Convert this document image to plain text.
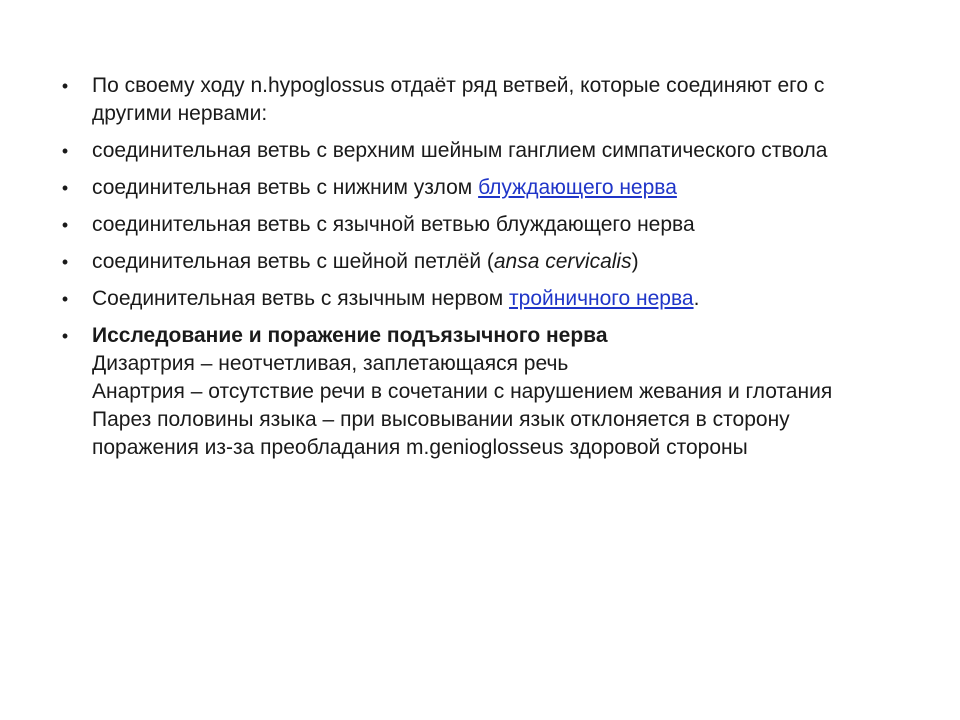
• По своему ходу n.hypoglossus отдаёт ряд ветвей, которые соединяют его с другими нервами:
• соединительная ветвь с верхним шейным ганглием симпатического ствола
• соединительная ветвь с нижним узлом блуждающего нерва
• соединительная ветвь с язычной ветвью блуждающего нерва
• соединительная ветвь с шейной петлёй (ansa cervicalis)
• Соединительная ветвь с язычным нервом тройничного нерва.
• Исследование и поражение подъязычного нерва
Дизартрия – неотчетливая, заплетающаяся речь
Анартрия – отсутствие речи в сочетании с нарушением жевания и глотания
Парез половины языка – при высовывании язык отклоняется в сторону поражения из-за преобладания m.genioglosseus здоровой стороны
